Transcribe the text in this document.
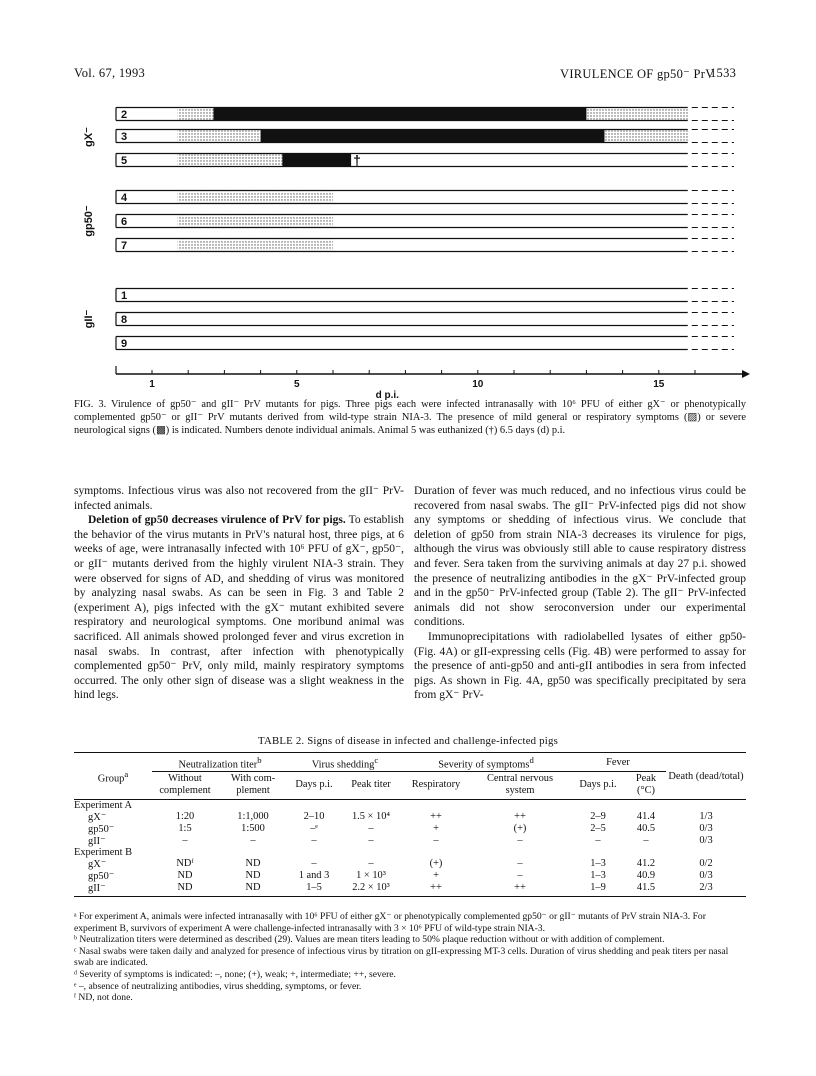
Vol. 67, 1993	VIRULENCE OF gp50⁻ PrV
1533
2
3
5	†
4
6
7
1
8
9
1	5	10	15
d p.i.
gX⁻
gp50⁻
gII⁻
FIG. 3. Virulence of gp50⁻ and gII⁻ PrV mutants for pigs. Three pigs each were infected intranasally with 10⁶ PFU of either gX⁻ or phenotypically complemented gp50⁻ or gII⁻ PrV mutants derived from wild-type strain NIA-3. The presence of mild general or respiratory symptoms (▨) or severe neurological signs (▩) is indicated. Numbers denote individual animals. Animal 5 was euthanized (†) 6.5 days (d) p.i.

symptoms. Infectious virus was also not recovered from the gII⁻ PrV-infected animals.

Deletion of gp50 decreases virulence of PrV for pigs. To establish the behavior of the virus mutants in PrV's natural host, three pigs, at 6 weeks of age, were intranasally infected with 10⁶ PFU of gX⁻, gp50⁻, or gII⁻ mutants derived from the highly virulent NIA-3 strain. They were observed for signs of AD, and shedding of virus was monitored by analyzing nasal swabs. As can be seen in Fig. 3 and Table 2 (experiment A), pigs infected with the gX⁻ mutant exhibited severe respiratory and neurological symptoms. One moribund animal was sacrificed. All animals showed prolonged fever and virus excretion in nasal swabs. In contrast, after infection with phenotypically complemented gp50⁻ PrV, only mild, mainly respiratory symptoms occurred. The only other sign of disease was a slight weakness in the hind legs.

Duration of fever was much reduced, and no infectious virus could be recovered from nasal swabs. The gII⁻ PrV-infected pigs did not show any symptoms or shedding of infectious virus. We conclude that deletion of gp50 from strain NIA-3 decreases its virulence for pigs, although the virus was obviously still able to cause respiratory distress and fever. Sera taken from the surviving animals at day 27 p.i. showed the presence of neutralizing antibodies in the gX⁻ PrV-infected group and in the gp50⁻ PrV-infected group (Table 2). The gII⁻ PrV-infected animals did not show seroconversion under our experimental conditions.

Immunoprecipitations with radiolabelled lysates of either gp50- (Fig. 4A) or gII-expressing cells (Fig. 4B) were performed to assay for the presence of anti-gp50 and anti-gII antibodies in sera from infected pigs. As shown in Fig. 4A, gp50 was specifically precipitated by sera from gX⁻ PrV-

TABLE 2. Signs of disease in infected and challenge-infected pigs
Group$^a$	Neutralization titer$^b$		Virus shedding$^c$		Severity of symptoms$^d$		Fever		Death (dead/total)
	Without complement	With com- plement	Days p.i.	Peak titer	Respiratory	Central nervous system	Days p.i.	Peak (°C)	
Experiment A									
gX⁻	1:20	1:1,000	2–10	1.5 × 10⁴	++	++	2–9	41.4	1/3
gp50⁻	1:5	1:500	–ᵉ	–	+	(+)	2–5	40.5	0/3
gII⁻	–	–	–	–	–	–	–	–	0/3
Experiment B									
gX⁻	NDᶠ	ND	–	–	(+)	–	1–3	41.2	0/2
gp50⁻	ND	ND	1 and 3	1 × 10³	+	–	1–3	40.9	0/3
gII⁻	ND	ND	1–5	2.2 × 10³	++	++	1–9	41.5	2/3
ᵃ For experiment A, animals were infected intranasally with 10⁶ PFU of either gX⁻ or phenotypically complemented gp50⁻ or gII⁻ mutants of PrV strain NIA-3. For experiment B, survivors of experiment A were challenge-infected intranasally with 3 × 10⁶ PFU of wild-type strain NIA-3.
ᵇ Neutralization titers were determined as described (29). Values are mean titers leading to 50% plaque reduction without or with addition of complement.
ᶜ Nasal swabs were taken daily and analyzed for presence of infectious virus by titration on gII-expressing MT-3 cells. Duration of virus shedding and peak titers per nasal swab are indicated.
ᵈ Severity of symptoms is indicated: –, none; (+), weak; +, intermediate; ++, severe.
ᵉ –, absence of neutralizing antibodies, virus shedding, symptoms, or fever.
ᶠ ND, not done.
